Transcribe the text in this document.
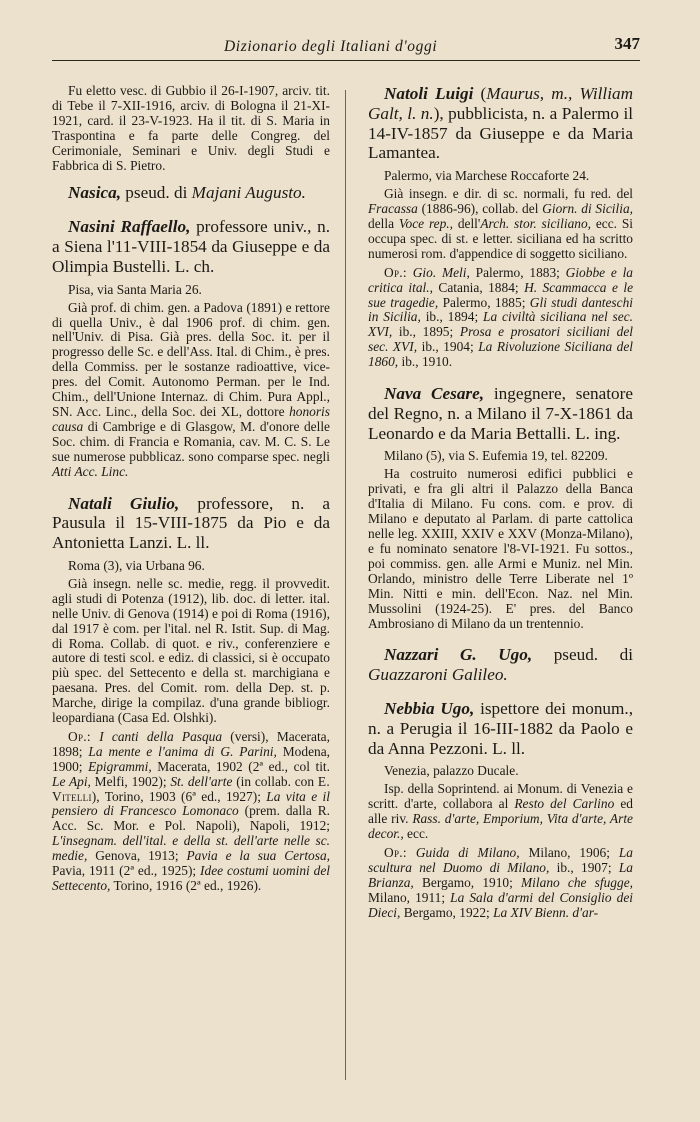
Dizionario degli Italiani d'oggi	347

Fu eletto vesc. di Gubbio il 26-I-1907, arciv. tit. di Tebe il 7-XII-1916, arciv. di Bologna il 21-XI-1921, card. il 23-V-1923. Ha il tit. di S. Maria in Traspontina e fa parte delle Congreg. del Cerimoniale, Seminari e Univ. degli Studi e Fabbrica di S. Pietro.

Nasica, pseud. di Majani Augusto.

Nasini Raffaello, professore univ., n. a Siena l'11-VIII-1854 da Giuseppe e da Olimpia Bustelli. L. ch.

Pisa, via Santa Maria 26.

Già prof. di chim. gen. a Padova (1891) e rettore di quella Univ., è dal 1906 prof. di chim. gen. nell'Univ. di Pisa. Già pres. della Soc. it. per il progresso delle Sc. e dell'Ass. Ital. di Chim., è pres. della Commiss. per le sostanze radioattive, vice-pres. del Comit. Autonomo Perman. per le Ind. Chim., dell'Unione Internaz. di Chim. Pura Appl., SN. Acc. Linc., della Soc. dei XL, dottore honoris causa di Cambrige e di Glasgow, M. d'onore delle Soc. chim. di Francia e Romania, cav. M. C. S. Le sue numerose pubblicaz. sono comparse spec. negli Atti Acc. Linc.

Natali Giulio, professore, n. a Pausula il 15-VIII-1875 da Pio e da Antonietta Lanzi. L. ll.

Roma (3), via Urbana 96.

Già insegn. nelle sc. medie, regg. il provvedit. agli studi di Potenza (1912), lib. doc. di letter. ital. nelle Univ. di Genova (1914) e poi di Roma (1916), dal 1917 è com. per l'ital. nel R. Istit. Sup. di Mag. di Roma. Collab. di quot. e riv., conferenziere e autore di testi scol. e ediz. di classici, si è occupato più spec. del Settecento e della st. marchigiana e paesana. Pres. del Comit. rom. della Dep. st. p. Marche, dirige la compilaz. d'una grande bibliogr. leopardiana (Casa Ed. Olshki).

Op.: I canti della Pasqua (versi), Macerata, 1898; La mente e l'anima di G. Parini, Modena, 1900; Epigrammi, Macerata, 1902 (2ª ed., col tit. Le Api, Melfi, 1902); St. dell'arte (in collab. con E. Vitelli), Torino, 1903 (6ª ed., 1927); La vita e il pensiero di Francesco Lomonaco (prem. dalla R. Acc. Sc. Mor. e Pol. Napoli), Napoli, 1912; L'insegnam. dell'ital. e della st. dell'arte nelle sc. medie, Genova, 1913; Pavia e la sua Certosa, Pavia, 1911 (2ª ed., 1925); Idee costumi uomini del Settecento, Torino, 1916 (2ª ed., 1926).

Natoli Luigi (Maurus, m., William Galt, l. n.), pubblicista, n. a Palermo il 14-IV-1857 da Giuseppe e da Maria Lamantea.

Palermo, via Marchese Roccaforte 24.

Già insegn. e dir. di sc. normali, fu red. del Fracassa (1886-96), collab. del Giorn. di Sicilia, della Voce rep., dell'Arch. stor. siciliano, ecc. Si occupa spec. di st. e letter. siciliana ed ha scritto numerosi rom. d'appendice di soggetto siciliano.

Op.: Gio. Meli, Palermo, 1883; Giobbe e la critica ital., Catania, 1884; H. Scammacca e le sue tragedie, Palermo, 1885; Gli studi danteschi in Sicilia, ib., 1894; La civiltà siciliana nel sec. XVI, ib., 1895; Prosa e prosatori siciliani del sec. XVI, ib., 1904; La Rivoluzione Siciliana del 1860, ib., 1910.

Nava Cesare, ingegnere, senatore del Regno, n. a Milano il 7-X-1861 da Leonardo e da Maria Bettalli. L. ing.

Milano (5), via S. Eufemia 19, tel. 82209.

Ha costruito numerosi edifici pubblici e privati, e fra gli altri il Palazzo della Banca d'Italia di Milano. Fu cons. com. e prov. di Milano e deputato al Parlam. di parte cattolica nelle leg. XXIII, XXIV e XXV (Monza-Milano), e fu nominato senatore l'8-VI-1921. Fu sottos., poi commiss. gen. alle Armi e Muniz. nel Min. Orlando, ministro delle Terre Liberate nel 1º Min. Nitti e min. dell'Econ. Naz. nel Min. Mussolini (1924-25). E' pres. del Banco Ambrosiano di Milano da un trentennio.

Nazzari G. Ugo, pseud. di Guazzaroni Galileo.

Nebbia Ugo, ispettore dei monum., n. a Perugia il 16-III-1882 da Paolo e da Anna Pezzoni. L. ll.

Venezia, palazzo Ducale.

Isp. della Soprintend. ai Monum. di Venezia e scritt. d'arte, collabora al Resto del Carlino ed alle riv. Rass. d'arte, Emporium, Vita d'arte, Arte decor., ecc.

Op.: Guida di Milano, Milano, 1906; La scultura nel Duomo di Milano, ib., 1907; La Brianza, Bergamo, 1910; Milano che sfugge, Milano, 1911; La Sala d'armi del Consiglio dei Dieci, Bergamo, 1922; La XIV Bienn. d'ar-
